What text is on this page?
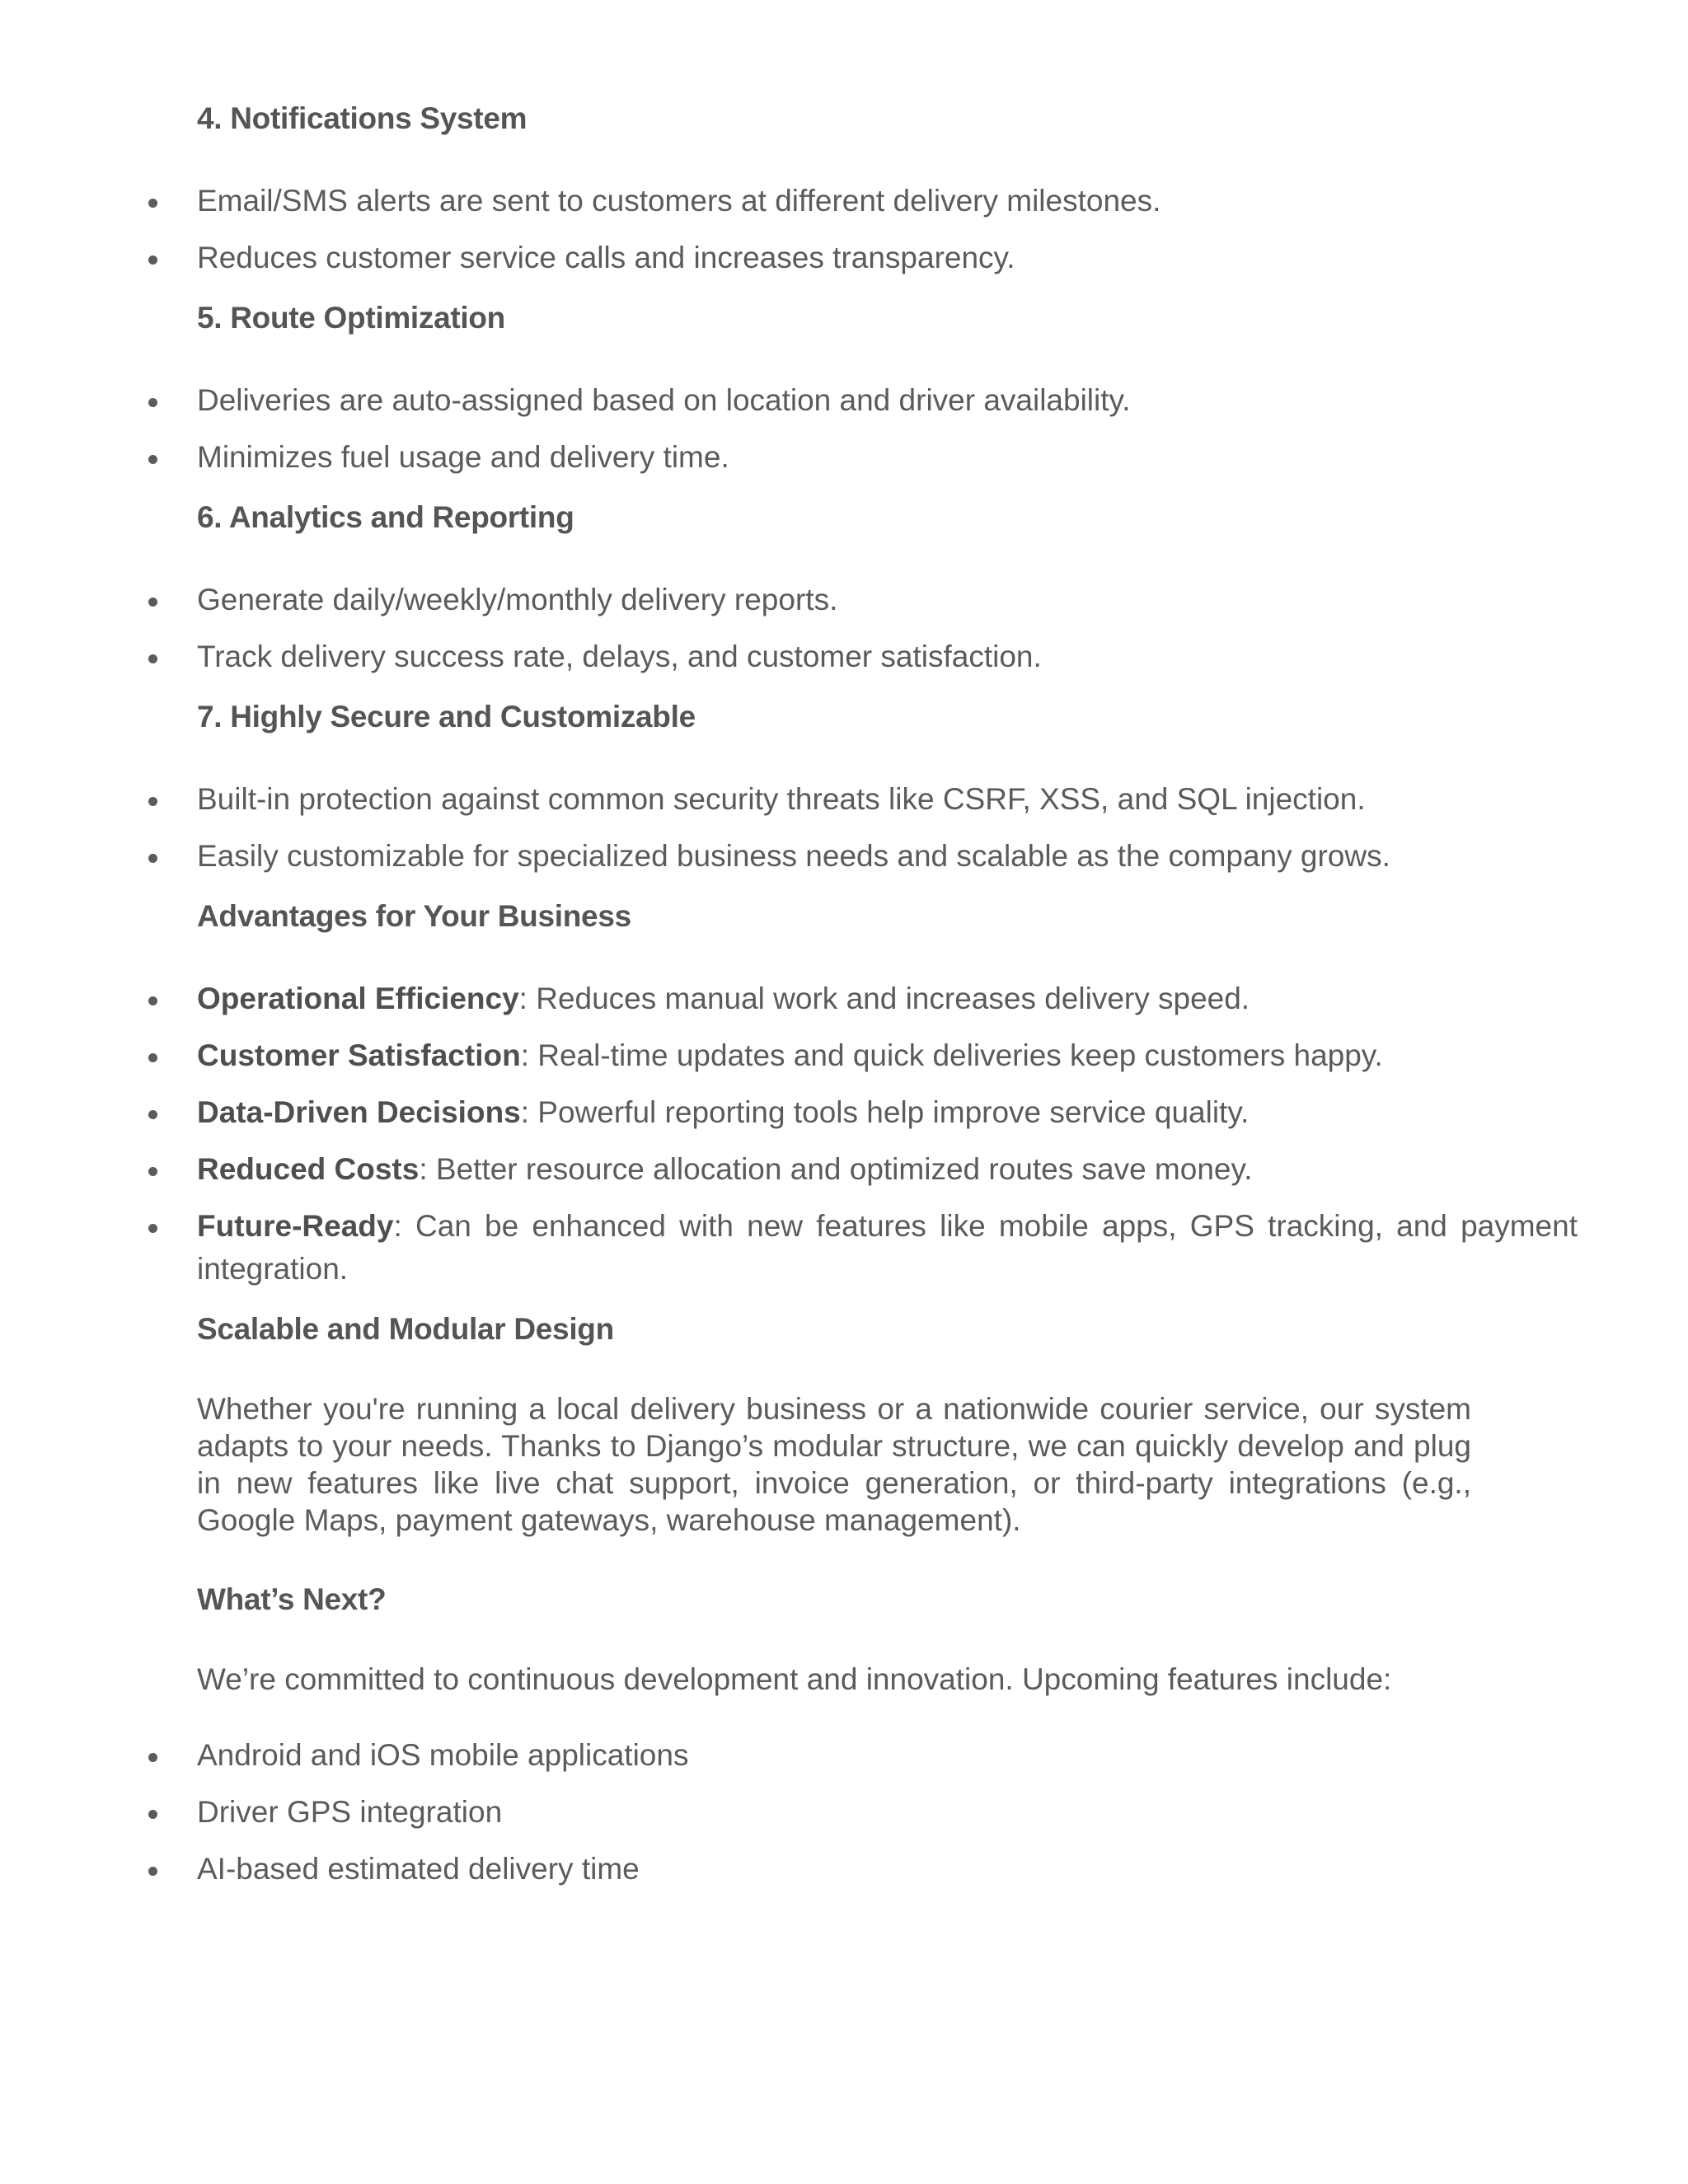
4. Notifications System
Email/SMS alerts are sent to customers at different delivery milestones.
Reduces customer service calls and increases transparency.
5. Route Optimization
Deliveries are auto-assigned based on location and driver availability.
Minimizes fuel usage and delivery time.
6. Analytics and Reporting
Generate daily/weekly/monthly delivery reports.
Track delivery success rate, delays, and customer satisfaction.
7. Highly Secure and Customizable
Built-in protection against common security threats like CSRF, XSS, and SQL injection.
Easily customizable for specialized business needs and scalable as the company grows.
Advantages for Your Business
Operational Efficiency: Reduces manual work and increases delivery speed.
Customer Satisfaction: Real-time updates and quick deliveries keep customers happy.
Data-Driven Decisions: Powerful reporting tools help improve service quality.
Reduced Costs: Better resource allocation and optimized routes save money.
Future-Ready: Can be enhanced with new features like mobile apps, GPS tracking, and payment integration.
Scalable and Modular Design

Whether you're running a local delivery business or a nationwide courier service, our system adapts to your needs. Thanks to Django’s modular structure, we can quickly develop and plug in new features like live chat support, invoice generation, or third-party integrations (e.g., Google Maps, payment gateways, warehouse management).

What’s Next?

We’re committed to continuous development and innovation. Upcoming features include:

Android and iOS mobile applications
Driver GPS integration
AI-based estimated delivery time
